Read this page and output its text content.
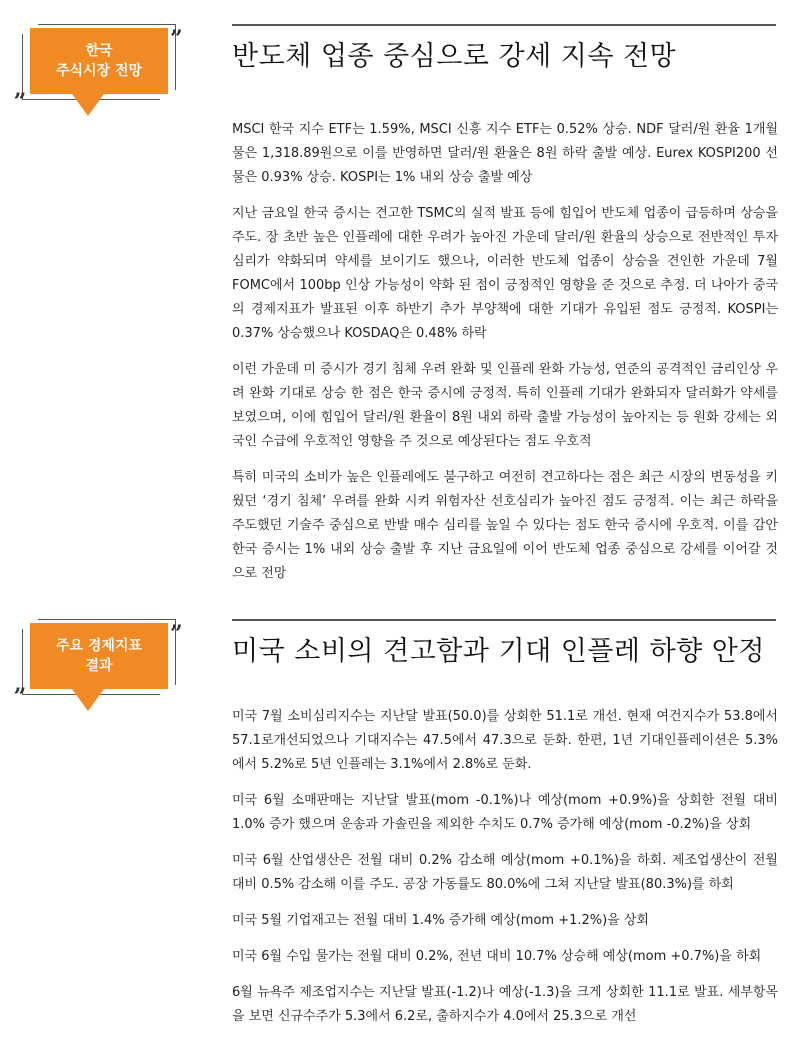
한국
주식시장 전망
„
”
반도체 업종 중심으로 강세 지속 전망

MSCI 한국 지수 ETF는 1.59%, MSCI 신흥 지수 ETF는 0.52% 상승. NDF 달러/원 환율 1개월물은 1,318.89원으로 이를 반영하면 달러/원 환율은 8원 하락 출발 예상. Eurex KOSPI200 선물은 0.93% 상승. KOSPI는 1% 내외 상승 출발 예상

지난 금요일 한국 증시는 견고한 TSMC의 실적 발표 등에 힘입어 반도체 업종이 급등하며 상승을 주도. 장 초반 높은 인플레에 대한 우려가 높아진 가운데 달러/원 환율의 상승으로 전반적인 투자심리가 약화되며 약세를 보이기도 했으나, 이러한 반도체 업종이 상승을 견인한 가운데 7월 FOMC에서 100bp 인상 가능성이 약화 된 점이 긍정적인 영향을 준 것으로 추정. 더 나아가 중국의 경제지표가 발표된 이후 하반기 추가 부양책에 대한 기대가 유입된 점도 긍정적. KOSPI는 0.37% 상승했으나 KOSDAQ은 0.48% 하락

이런 가운데 미 증시가 경기 침체 우려 완화 및 인플레 완화 가능성, 연준의 공격적인 금리인상 우려 완화 기대로 상승 한 점은 한국 증시에 긍정적. 특히 인플레 기대가 완화되자 달러화가 약세를 보였으며, 이에 힘입어 달러/원 환율이 8원 내외 하락 출발 가능성이 높아지는 등 원화 강세는 외국인 수급에 우호적인 영향을 주 것으로 예상된다는 점도 우호적

특히 미국의 소비가 높은 인플레에도 불구하고 여전히 견고하다는 점은 최근 시장의 변동성을 키웠던 ‘경기 침체’ 우려를 완화 시켜 위험자산 선호심리가 높아진 점도 긍정적. 이는 최근 하락을 주도했던 기술주 중심으로 반발 매수 심리를 높일 수 있다는 점도 한국 증시에 우호적. 이를 감안 한국 증시는 1% 내외 상승 출발 후 지난 금요일에 이어 반도체 업종 중심으로 강세를 이어갈 것으로 전망

주요 경제지표
결과
„
”
미국 소비의 견고함과 기대 인플레 하향 안정

미국 7월 소비심리지수는 지난달 발표(50.0)를 상회한 51.1로 개선. 현재 여건지수가 53.8에서 57.1로개선되었으나 기대지수는 47.5에서 47.3으로 둔화. 한편, 1년 기대인플레이션은 5.3%에서 5.2%로 5년 인플레는 3.1%에서 2.8%로 둔화.

미국 6월 소매판매는 지난달 발표(mom -0.1%)나 예상(mom +0.9%)을 상회한 전월 대비 1.0% 증가 했으며 운송과 가솔린을 제외한 수치도 0.7% 증가해 예상(mom -0.2%)을 상회

미국 6월 산업생산은 전월 대비 0.2% 감소해 예상(mom +0.1%)을 하회. 제조업생산이 전월 대비 0.5% 감소해 이를 주도. 공장 가동률도 80.0%에 그쳐 지난달 발표(80.3%)를 하회

미국 5월 기업재고는 전월 대비 1.4% 증가해 예상(mom +1.2%)을 상회

미국 6월 수입 물가는 전월 대비 0.2%, 전년 대비 10.7% 상승해 예상(mom +0.7%)을 하회

6월 뉴욕주 제조업지수는 지난달 발표(-1.2)나 예상(-1.3)을 크게 상회한 11.1로 발표. 세부항목을 보면 신규수주가 5.3에서 6.2로, 출하지수가 4.0에서 25.3으로 개선
